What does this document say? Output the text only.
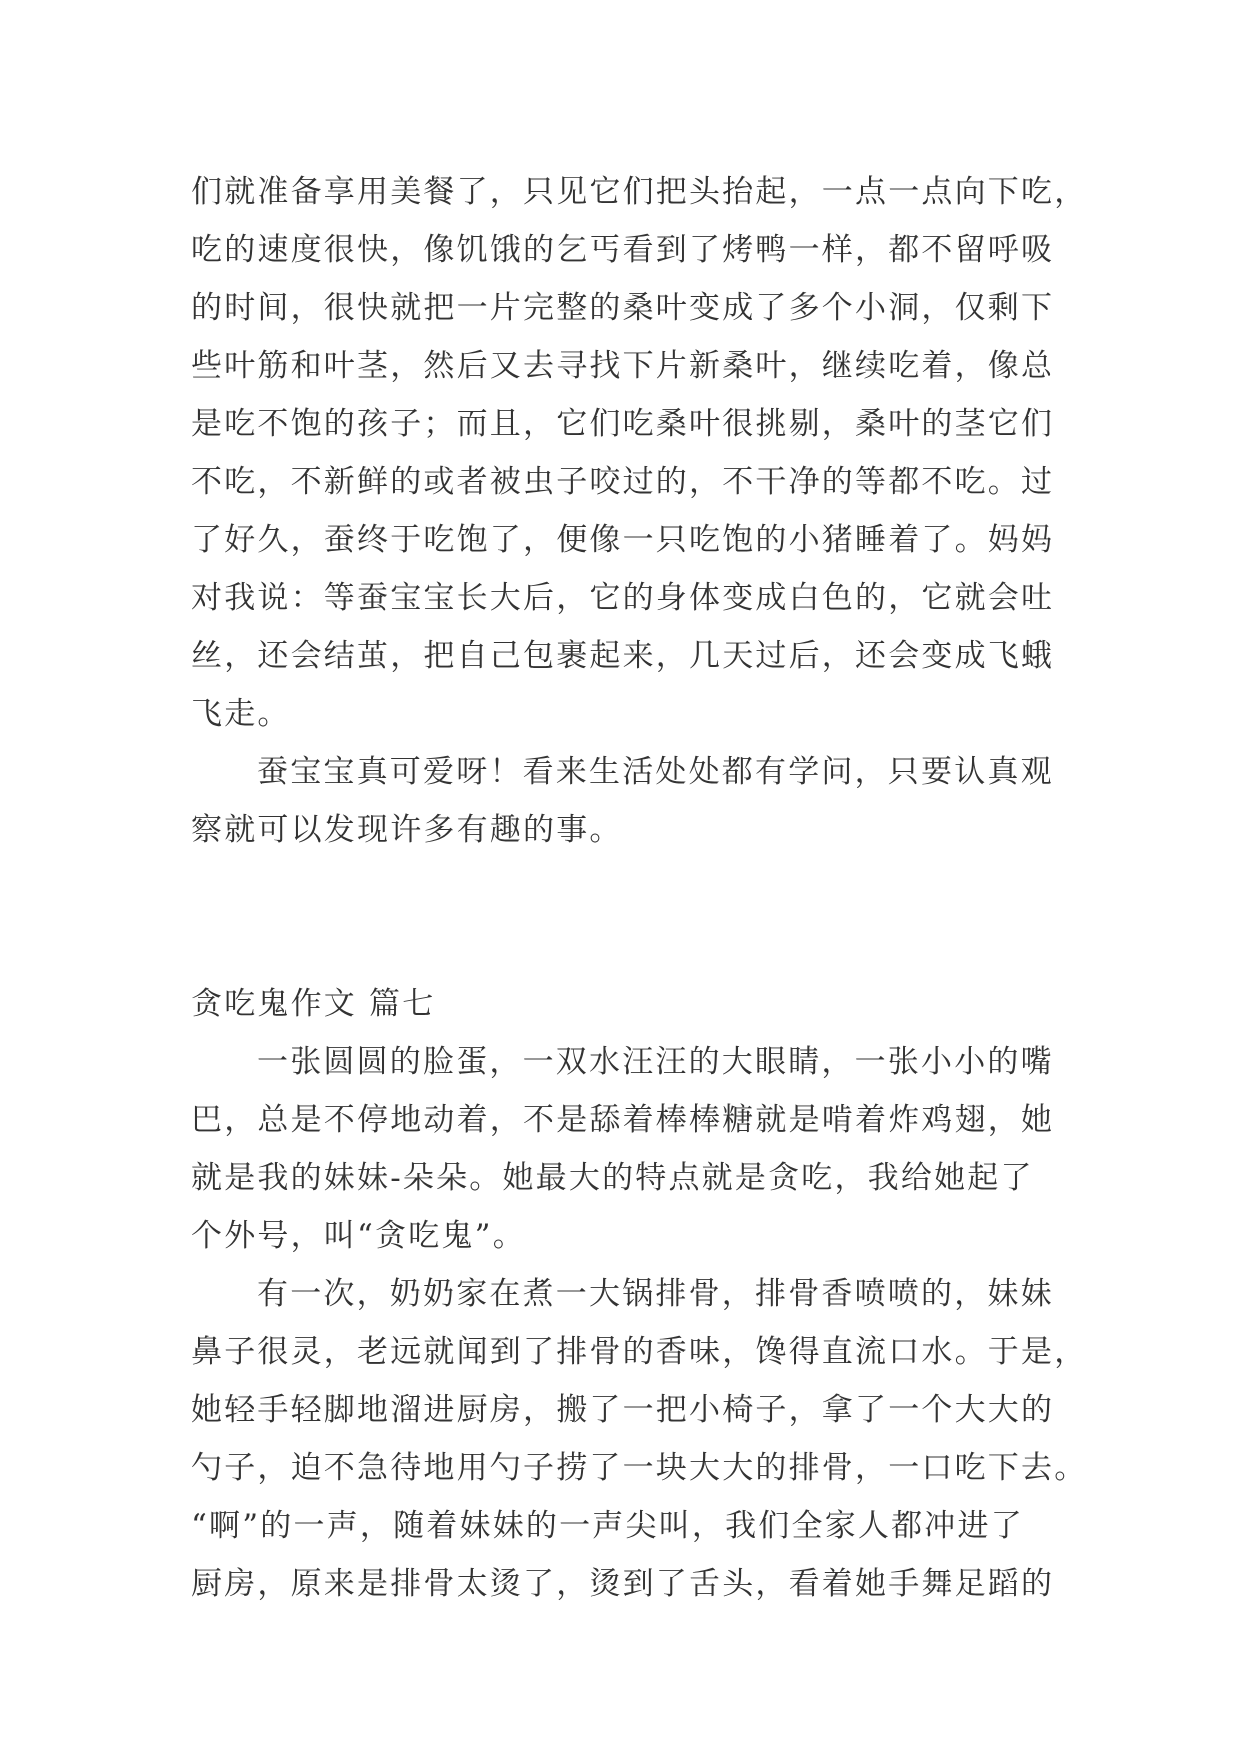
们就准备享用美餐了，只见它们把头抬起，一点一点向下吃，
吃的速度很快，像饥饿的乞丐看到了烤鸭一样，都不留呼吸
的时间，很快就把一片完整的桑叶变成了多个小洞，仅剩下
些叶筋和叶茎，然后又去寻找下片新桑叶，继续吃着，像总
是吃不饱的孩子；而且，它们吃桑叶很挑剔，桑叶的茎它们
不吃，不新鲜的或者被虫子咬过的，不干净的等都不吃。过
了好久，蚕终于吃饱了，便像一只吃饱的小猪睡着了。妈妈
对我说：等蚕宝宝长大后，它的身体变成白色的，它就会吐
丝，还会结茧，把自己包裹起来，几天过后，还会变成飞蛾
飞走。
蚕宝宝真可爱呀！看来生活处处都有学问，只要认真观
察就可以发现许多有趣的事。
贪吃鬼作文 篇七
一张圆圆的脸蛋，一双水汪汪的大眼睛，一张小小的嘴
巴，总是不停地动着，不是舔着棒棒糖就是啃着炸鸡翅，她
就是我的妹妹-朵朵。她最大的特点就是贪吃，我给她起了
个外号，叫“贪吃鬼”。
有一次，奶奶家在煮一大锅排骨，排骨香喷喷的，妹妹
鼻子很灵，老远就闻到了排骨的香味，馋得直流口水。于是，
她轻手轻脚地溜进厨房，搬了一把小椅子，拿了一个大大的
勺子，迫不急待地用勺子捞了一块大大的排骨，一口吃下去。
“啊”的一声，随着妹妹的一声尖叫，我们全家人都冲进了
厨房，原来是排骨太烫了，烫到了舌头，看着她手舞足蹈的
